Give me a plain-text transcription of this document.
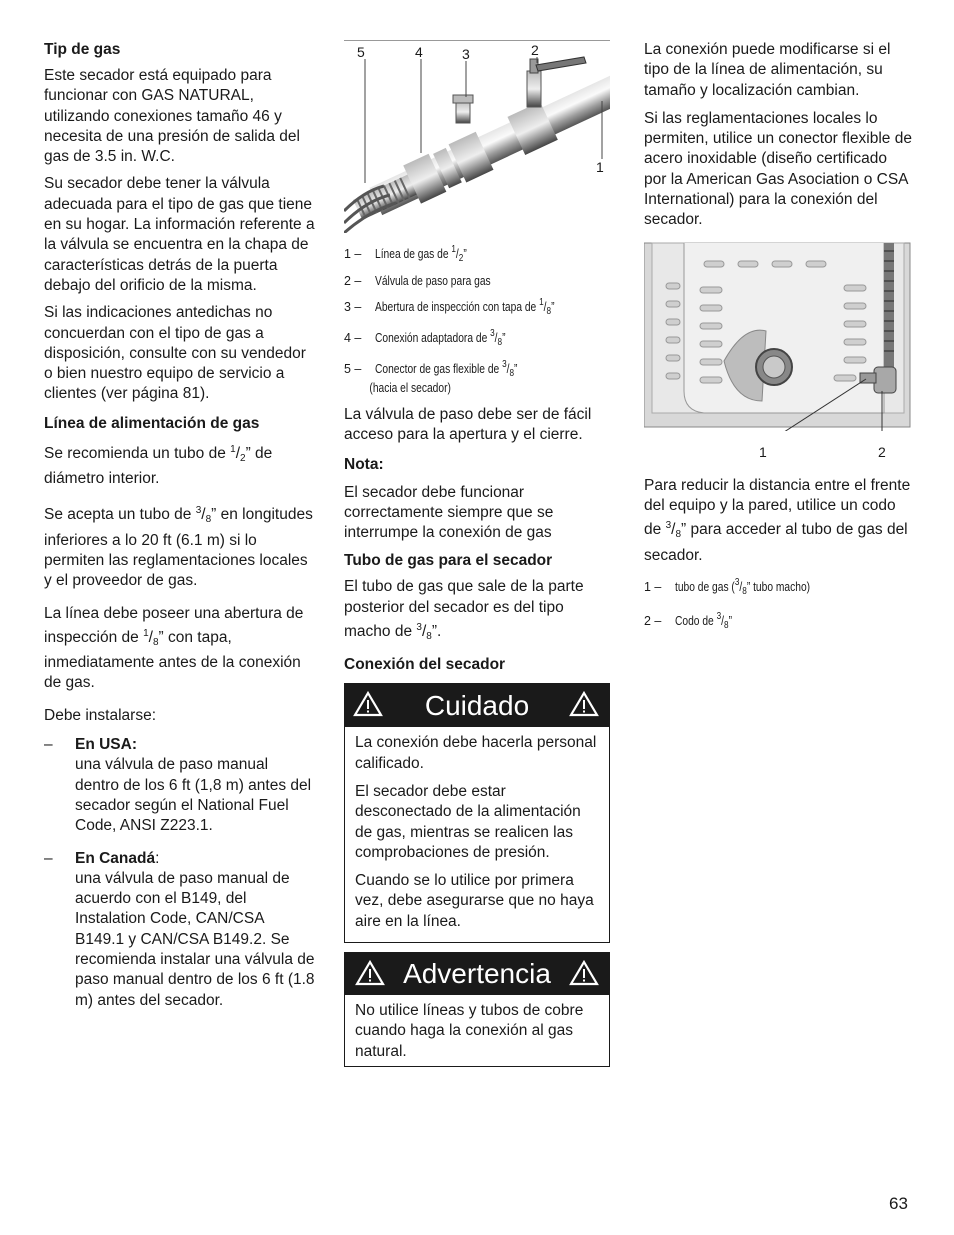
Tip de gas

Este secador está equipado para funcionar con GAS NATURAL, utilizando conexiones tamaño 46 y necesita de una presión de salida del gas de 3.5 in. W.C.

Su secador debe tener la válvula adecuada para el tipo de gas que tiene en su hogar. La información referente a la válvula se encuentra en la chapa de características detrás de la puerta debajo del orificio de la misma.

Si las indicaciones antedichas no concuerdan con el tipo de gas a disposición, consulte con su vendedor o bien nuestro equipo de servicio a clientes (ver página 81).

Línea de alimentación de gas

Se recomienda un tubo de $^1/_2$” de diámetro interior.

Se acepta un tubo de $^3/_8$” en longitudes inferiores a lo 20 ft (6.1 m) si lo permiten las reglamentaciones locales y el proveedor de gas.

La línea debe poseer una abertura de inspección de $^1/_8$” con tapa, inmediatamente antes de la conexión de gas.

Debe instalarse:

– En USA:
una válvula de paso manual dentro de los 6 ft (1,8 m) antes del secador según el National Fuel Code, ANSI Z223.1.
– En Canadá:
una válvula de paso manual de acuerdo con el B149, del Instalation Code, CAN/CSA B149.1 y CAN/CSA B149.2. Se recomienda instalar una válvula de paso manual dentro de los 6 ft (1.8 m) antes del secador.
5	4	3	2
1
1 – Línea de gas de $^1/_2$”
2 – Válvula de paso para gas
3 – Abertura de inspección con tapa de $^1/_8$”
4 – Conexión adaptadora de $^3/_8$”
5 – Conector de gas flexible de $^3/_8$”
(hacia el secador)

La válvula de paso debe ser de fácil acceso para la apertura y el cierre.

Nota:

El secador debe funcionar correctamente siempre que se interrumpe la conexión de gas

Tubo de gas para el secador

El tubo de gas que sale de la parte posterior del secador es del tipo macho de $^3/_8$”.

Conexión del secador
Cuidado

La conexión debe hacerla personal calificado.

El secador debe estar desconectado de la alimentación de gas, mientras se realicen las comprobaciones de presión.

Cuando se lo utilice por primera vez, debe asegurarse que no haya aire en la línea.

Advertencia

No utilice líneas y tubos de cobre cuando haga la conexión al gas natural.

La conexión puede modificarse si el tipo de la línea de alimentación, su tamaño y localización cambian.

Si las reglamentaciones locales lo permiten, utilice un conector flexible de acero inoxidable (diseño certificado por la American Gas Asociation o CSA International) para la conexión del secador.

1	2

Para reducir la distancia entre el frente del equipo y la pared, utilice un codo de $^3/_8$” para acceder al tubo de gas del secador.

1 – tubo de gas ($^3/_8$” tubo macho)
2 – Codo de $^3/_8$”
63
